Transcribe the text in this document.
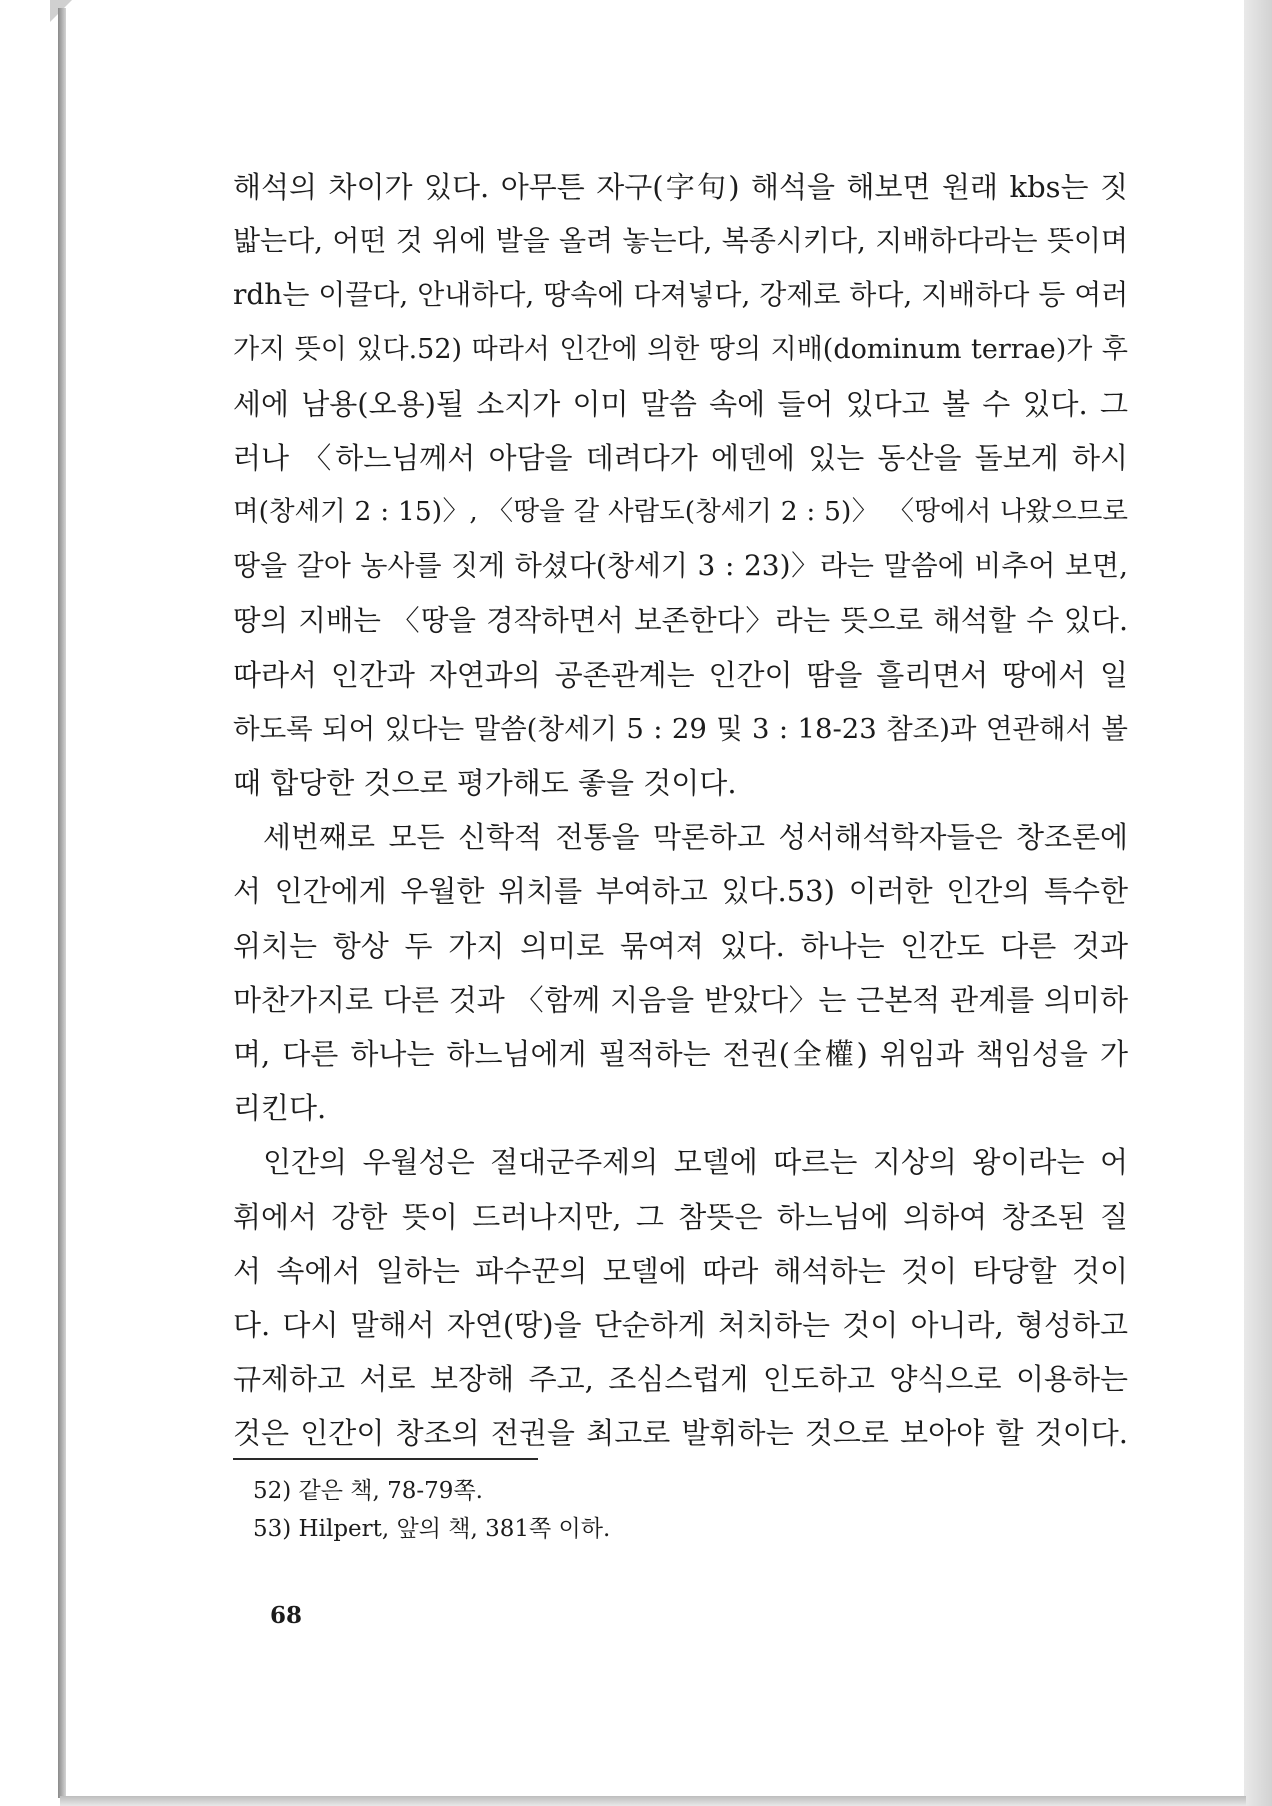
해석의 차이가 있다. 아무튼 자구(字句) 해석을 해보면 원래 kbs는 짓
밟는다, 어떤 것 위에 발을 올려 놓는다, 복종시키다, 지배하다라는 뜻이며
rdh는 이끌다, 안내하다, 땅속에 다져넣다, 강제로 하다, 지배하다 등 여러
가지 뜻이 있다.52) 따라서 인간에 의한 땅의 지배(dominum terrae)가 후
세에 남용(오용)될 소지가 이미 말씀 속에 들어 있다고 볼 수 있다. 그
러나 〈하느님께서 아담을 데려다가 에덴에 있는 동산을 돌보게 하시
며(창세기 2 : 15)〉, 〈땅을 갈 사람도(창세기 2 : 5)〉 〈땅에서 나왔으므로
땅을 갈아 농사를 짓게 하셨다(창세기 3 : 23)〉라는 말씀에 비추어 보면,
땅의 지배는 〈땅을 경작하면서 보존한다〉라는 뜻으로 해석할 수 있다.
따라서 인간과 자연과의 공존관계는 인간이 땀을 흘리면서 땅에서 일
하도록 되어 있다는 말씀(창세기 5 : 29 및 3 : 18-23 참조)과 연관해서 볼
때 합당한 것으로 평가해도 좋을 것이다.
세번째로 모든 신학적 전통을 막론하고 성서해석학자들은 창조론에
서 인간에게 우월한 위치를 부여하고 있다.53) 이러한 인간의 특수한
위치는 항상 두 가지 의미로 묶여져 있다. 하나는 인간도 다른 것과
마찬가지로 다른 것과 〈함께 지음을 받았다〉는 근본적 관계를 의미하
며, 다른 하나는 하느님에게 필적하는 전권(全權) 위임과 책임성을 가
리킨다.
인간의 우월성은 절대군주제의 모델에 따르는 지상의 왕이라는 어
휘에서 강한 뜻이 드러나지만, 그 참뜻은 하느님에 의하여 창조된 질
서 속에서 일하는 파수꾼의 모델에 따라 해석하는 것이 타당할 것이
다. 다시 말해서 자연(땅)을 단순하게 처치하는 것이 아니라, 형성하고
규제하고 서로 보장해 주고, 조심스럽게 인도하고 양식으로 이용하는
것은 인간이 창조의 전권을 최고로 발휘하는 것으로 보아야 할 것이다.
52) 같은 책, 78-79쪽.
53) Hilpert, 앞의 책, 381쪽 이하.
68
